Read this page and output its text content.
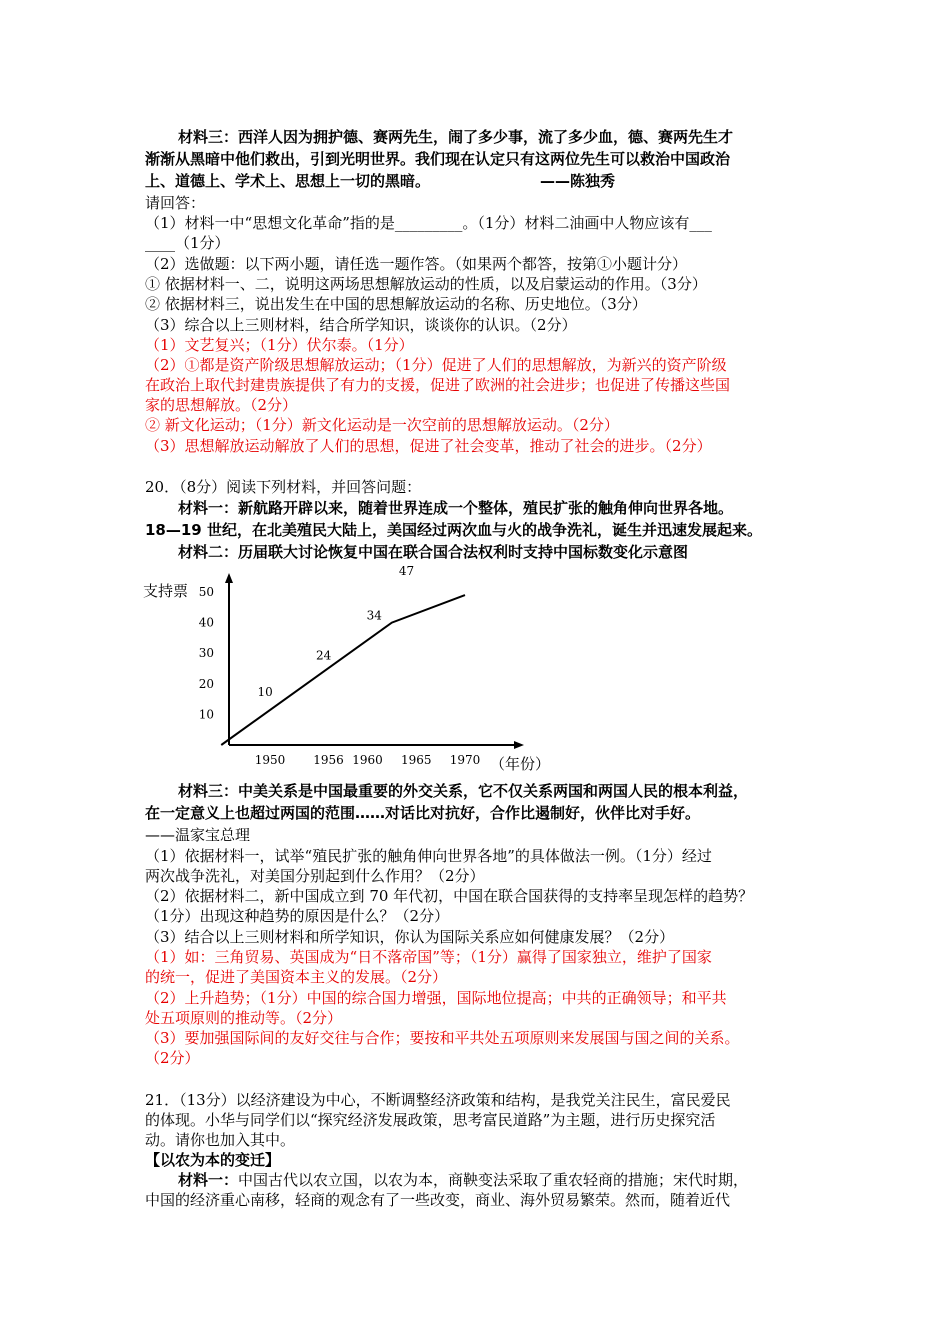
材料三：西洋人因为拥护德、赛两先生，闹了多少事，流了多少血，德、赛两先生才
渐渐从黑暗中他们救出，引到光明世界。我们现在认定只有这两位先生可以救治中国政治
上、道德上、学术上、思想上一切的黑暗。	——陈独秀
请回答：
（1）材料一中“思想文化革命”指的是_________。（1分）材料二油画中人物应该有___
____（1分）
（2）选做题：以下两小题，请任选一题作答。（如果两个都答，按第①小题计分）
① 依据材料一、二，说明这两场思想解放运动的性质，以及启蒙运动的作用。（3分）
② 依据材料三，说出发生在中国的思想解放运动的名称、历史地位。（3分）
（3）综合以上三则材料，结合所学知识，谈谈你的认识。（2分）
（1）文艺复兴；（1分）伏尔泰。（1分）
（2）①都是资产阶级思想解放运动；（1分）促进了人们的思想解放，为新兴的资产阶级
在政治上取代封建贵族提供了有力的支援，促进了欧洲的社会进步；也促进了传播这些国
家的思想解放。（2分）
② 新文化运动；（1分）新文化运动是一次空前的思想解放运动。（2分）
（3）思想解放运动解放了人们的思想，促进了社会变革，推动了社会的进步。（2分）
20．（8分）阅读下列材料，并回答问题：
材料一：新航路开辟以来，随着世界连成一个整体，殖民扩张的触角伸向世界各地。
18—19 世纪，在北美殖民大陆上，美国经过两次血与火的战争洗礼，诞生并迅速发展起来。
材料二：历届联大讨论恢复中国在联合国合法权利时支持中国标数变化示意图
支持票
10
20
30
40
50
1950 1956 1960 1965 1970
10
24
34
47
（年份）
材料三：中美关系是中国最重要的外交关系，它不仅关系两国和两国人民的根本利益，
在一定意义上也超过两国的范围……对话比对抗好，合作比遏制好，伙伴比对手好。
——温家宝总理
（1）依据材料一，试举“殖民扩张的触角伸向世界各地”的具体做法一例。（1分）经过
两次战争洗礼，对美国分别起到什么作用？（2分）
（2）依据材料二，新中国成立到 70 年代初，中国在联合国获得的支持率呈现怎样的趋势？
（1分）出现这种趋势的原因是什么？（2分）
（3）结合以上三则材料和所学知识，你认为国际关系应如何健康发展？（2分）
（1）如：三角贸易、英国成为“日不落帝国”等；（1分）赢得了国家独立，维护了国家
的统一，促进了美国资本主义的发展。（2分）
（2）上升趋势；（1分）中国的综合国力增强，国际地位提高；中共的正确领导；和平共
处五项原则的推动等。（2分）
（3）要加强国际间的友好交往与合作；要按和平共处五项原则来发展国与国之间的关系。
（2分）
21．（13分）以经济建设为中心，不断调整经济政策和结构，是我党关注民生，富民爱民
的体现。小华与同学们以“探究经济发展政策，思考富民道路”为主题，进行历史探究活
动。请你也加入其中。
【以农为本的变迁】
材料一：中国古代以农立国，以农为本，商鞅变法采取了重农轻商的措施；宋代时期，
中国的经济重心南移，轻商的观念有了一些改变，商业、海外贸易繁荣。然而，随着近代
